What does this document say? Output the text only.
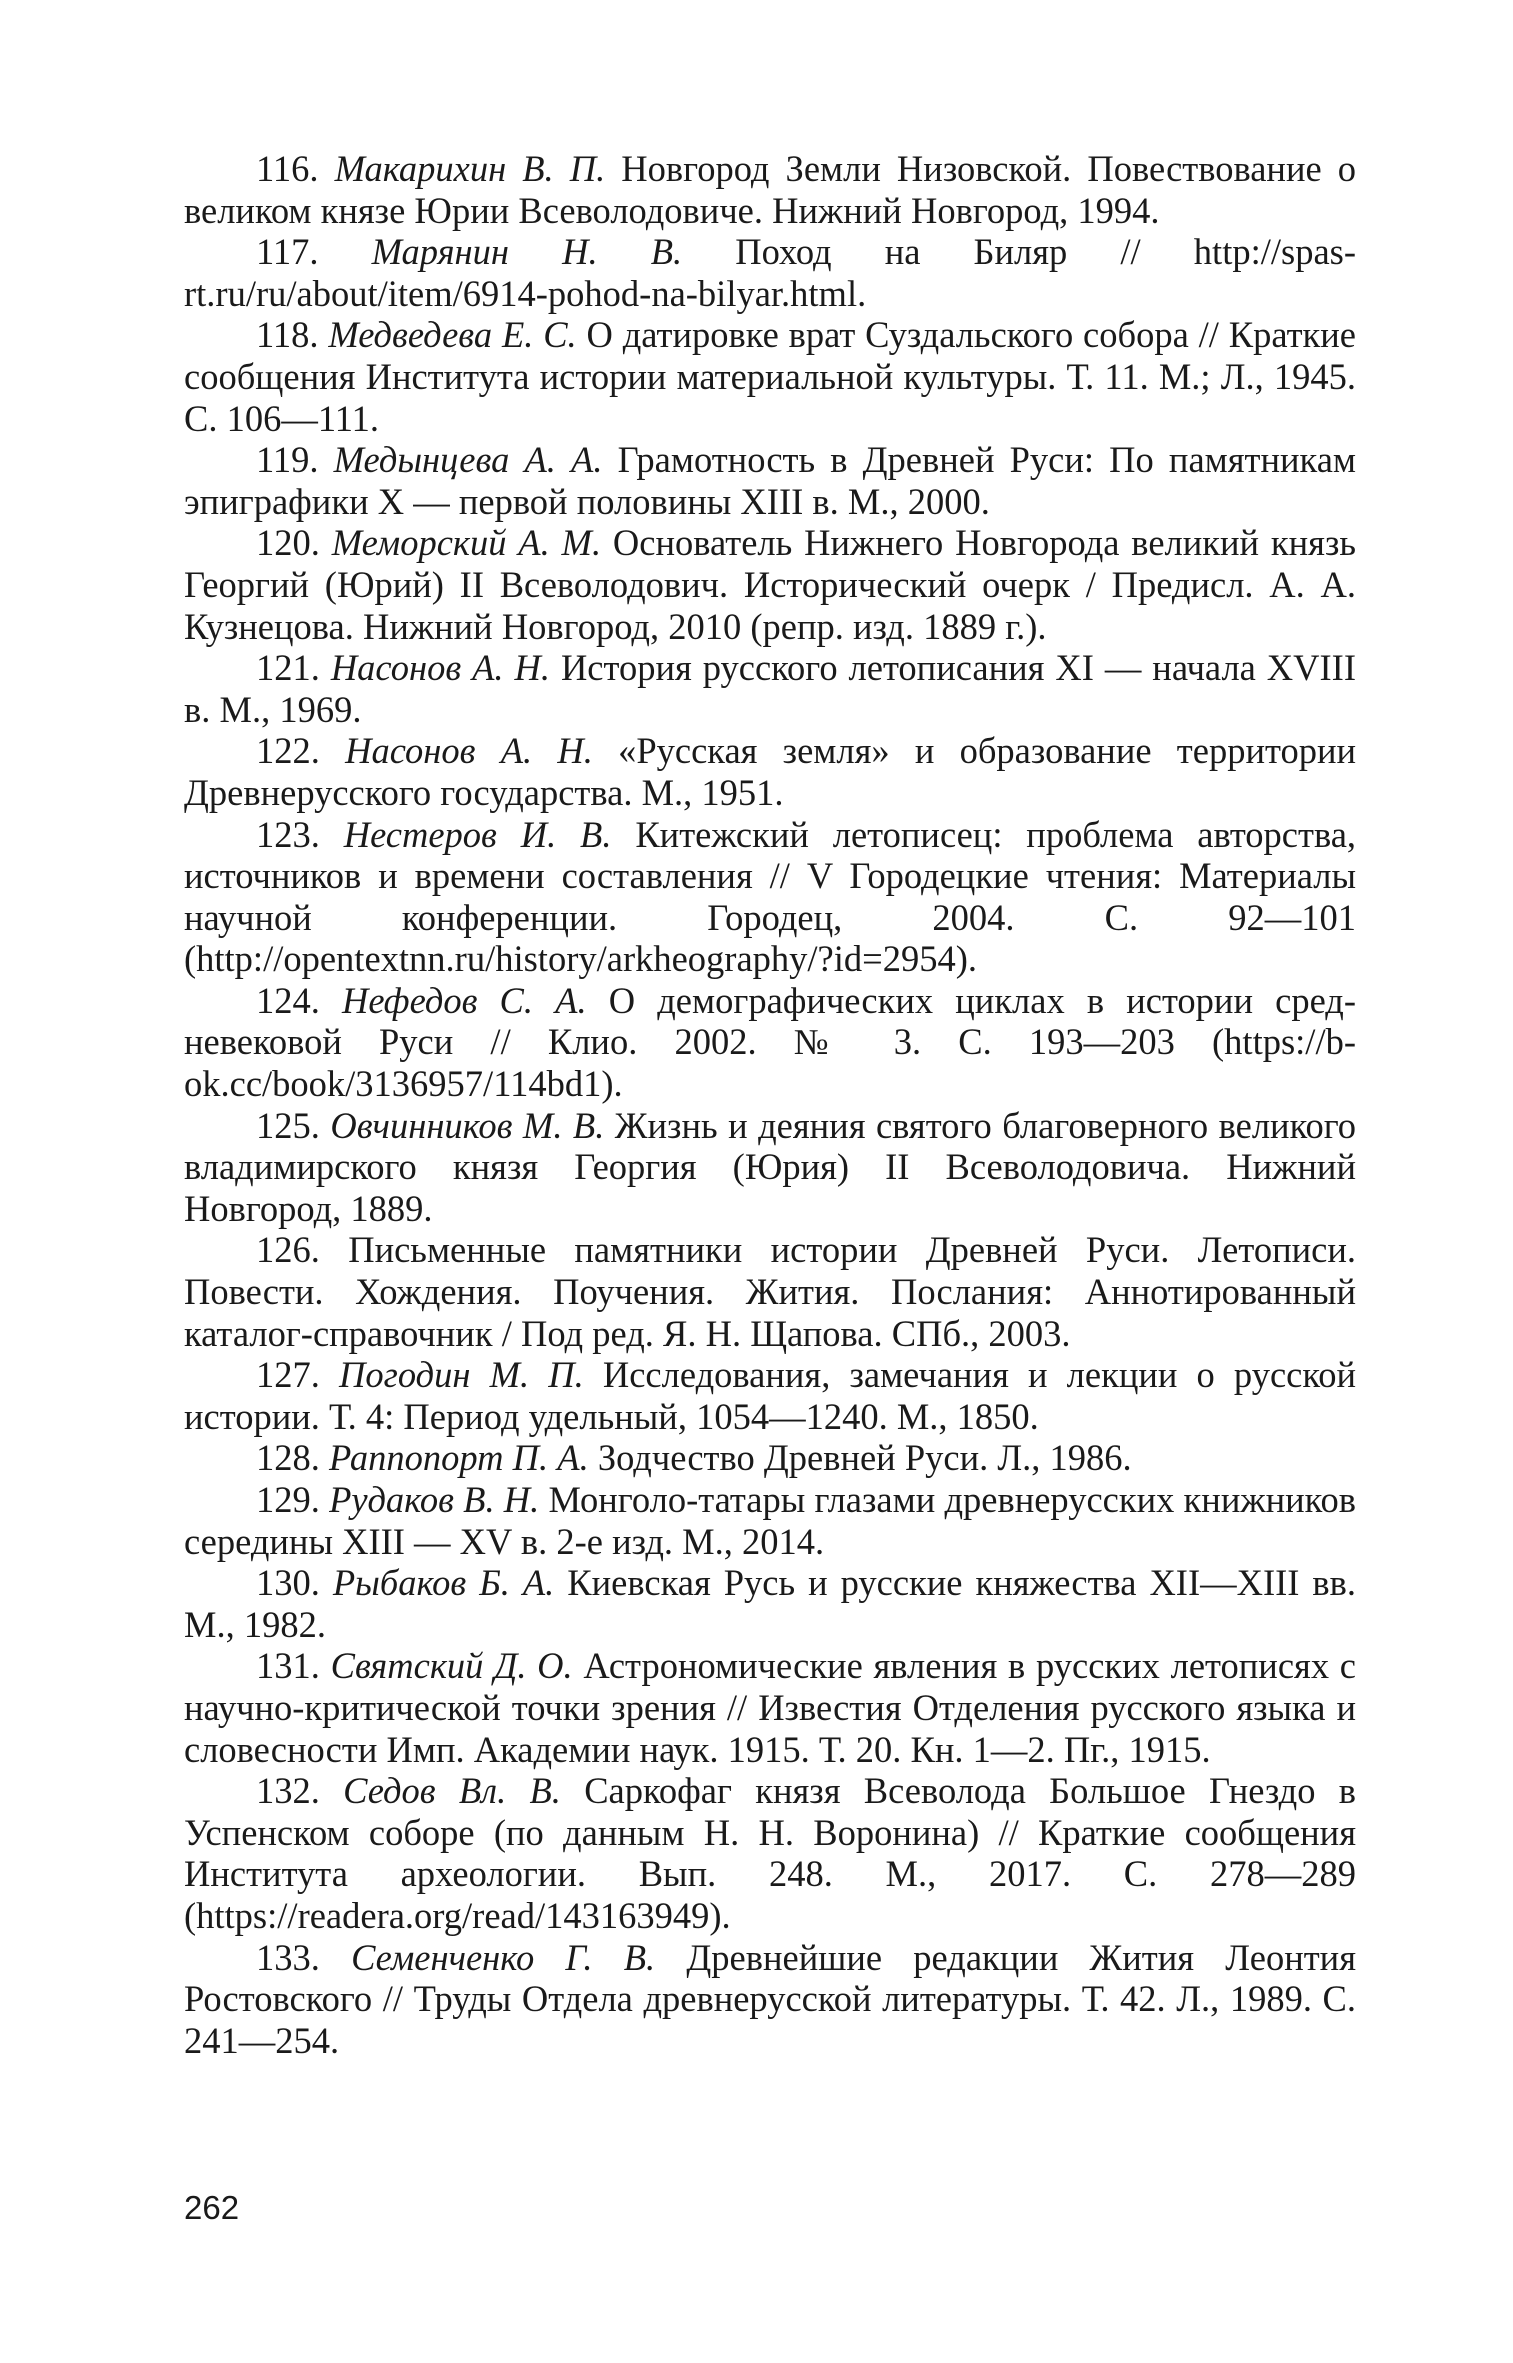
116. Макарихин В. П. Новгород Земли Низовской. Повествование о великом князе Юрии Всеволодовиче. Нижний Новгород, 1994.

117. Марянин Н. В. Поход на Биляр // http://spas-rt.ru/ru/about/item/6914-pohod-na-bilyar.html.

118. Медведева Е. С. О датировке врат Суздальского собора // Краткие сообщения Института истории материальной культуры. Т. 11. М.; Л., 1945. С. 106—111.

119. Медынцева А. А. Грамотность в Древней Руси: По памятникам эпиграфики X — первой половины XIII в. М., 2000.

120. Меморский А. М. Основатель Нижнего Новгорода великий князь Георгий (Юрий) II Всеволодович. Исторический очерк / Предисл. А. А. Кузнецова. Нижний Новгород, 2010 (репр. изд. 1889 г.).

121. Насонов А. Н. История русского летописания XI — начала XVIII в. М., 1969.

122. Насонов А. Н. «Русская земля» и образование территории Древнерусского государства. М., 1951.

123. Нестеров И. В. Китежский летописец: проблема авторства, источников и времени составления // V Городецкие чтения: Материалы научной конференции. Городец, 2004. С. 92—101 (http://opentextnn.ru/history/arkheography/?id=2954).

124. Нефедов С. А. О демографических циклах в истории средневековой Руси // Клио. 2002. № 3. С. 193—203 (https://b-ok.cc/book/3136957/114bd1).

125. Овчинников М. В. Жизнь и деяния святого благоверного великого владимирского князя Георгия (Юрия) II Всеволодовича. Нижний Новгород, 1889.

126. Письменные памятники истории Древней Руси. Летописи. Повести. Хождения. Поучения. Жития. Послания: Аннотированный каталог-справочник / Под ред. Я. Н. Щапова. СПб., 2003.

127. Погодин М. П. Исследования, замечания и лекции о русской истории. Т. 4: Период удельный, 1054—1240. М., 1850.

128. Раппопорт П. А. Зодчество Древней Руси. Л., 1986.

129. Рудаков В. Н. Монголо-татары глазами древнерусских книжников середины XIII — XV в. 2-е изд. М., 2014.

130. Рыбаков Б. А. Киевская Русь и русские княжества XII—XIII вв. М., 1982.

131. Святский Д. О. Астрономические явления в русских летописях с научно-критической точки зрения // Известия Отделения русского языка и словесности Имп. Академии наук. 1915. Т. 20. Кн. 1—2. Пг., 1915.

132. Седов Вл. В. Саркофаг князя Всеволода Большое Гнездо в Успенском соборе (по данным Н. Н. Воронина) // Краткие сообщения Института археологии. Вып. 248. М., 2017. С. 278—289 (https://readera.org/read/143163949).

133. Семенченко Г. В. Древнейшие редакции Жития Леонтия Ростовского // Труды Отдела древнерусской литературы. Т. 42. Л., 1989. С. 241—254.

262
